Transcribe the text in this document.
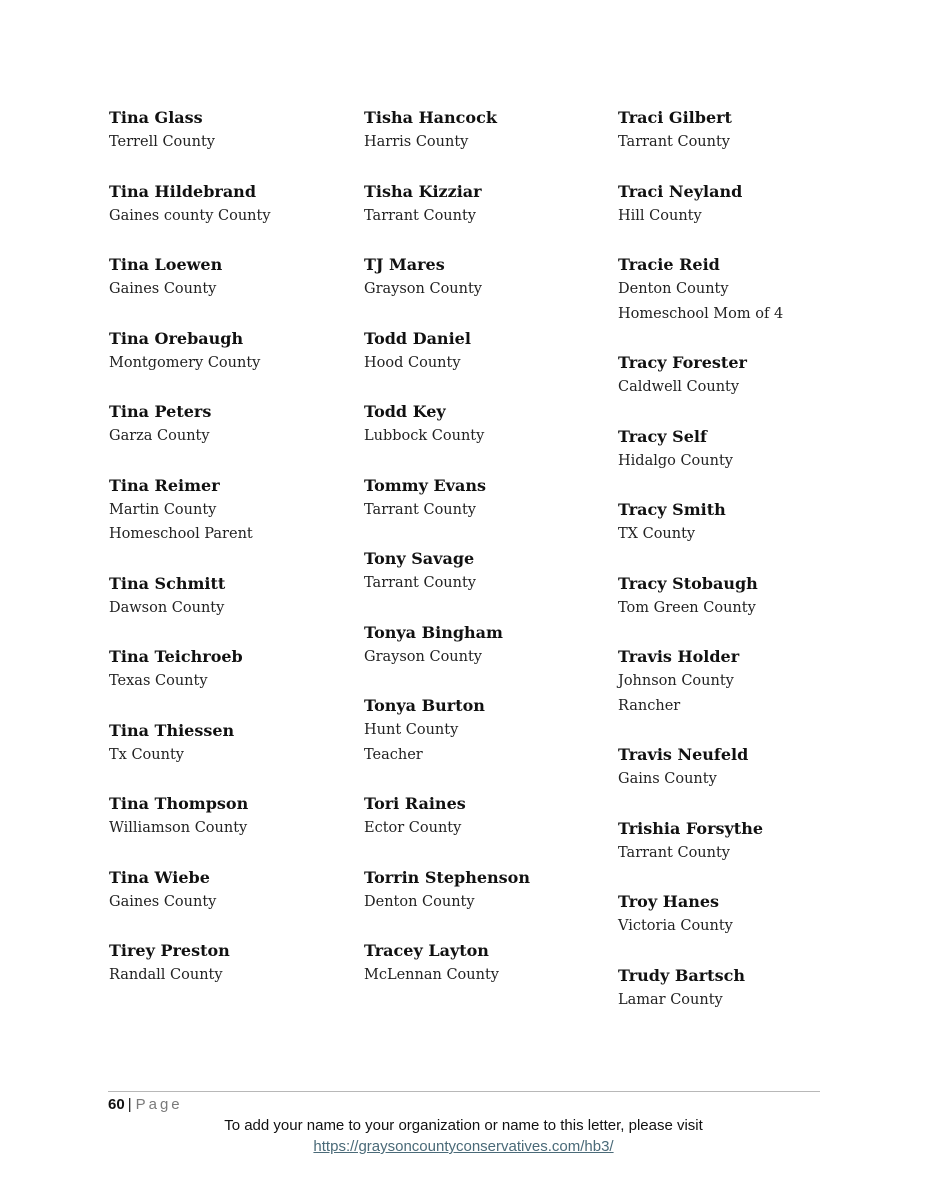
Tina Glass
Terrell County
Tina Hildebrand
Gaines county County
Tina Loewen
Gaines County
Tina Orebaugh
Montgomery County
Tina Peters
Garza County
Tina Reimer
Martin County
Homeschool Parent
Tina Schmitt
Dawson County
Tina Teichroeb
Texas County
Tina Thiessen
Tx County
Tina Thompson
Williamson County
Tina Wiebe
Gaines County
Tirey Preston
Randall County
Tisha Hancock
Harris County
Tisha Kizziar
Tarrant County
TJ Mares
Grayson County
Todd Daniel
Hood County
Todd Key
Lubbock County
Tommy Evans
Tarrant County
Tony Savage
Tarrant County
Tonya Bingham
Grayson County
Tonya Burton
Hunt County
Teacher
Tori Raines
Ector County
Torrin Stephenson
Denton County
Tracey Layton
McLennan County
Traci Gilbert
Tarrant County
Traci Neyland
Hill County
Tracie Reid
Denton County
Homeschool Mom of 4
Tracy Forester
Caldwell County
Tracy Self
Hidalgo County
Tracy Smith
TX County
Tracy Stobaugh
Tom Green County
Travis Holder
Johnson County
Rancher
Travis Neufeld
Gains County
Trishia Forsythe
Tarrant County
Troy Hanes
Victoria County
Trudy Bartsch
Lamar County
60 | Page
To add your name to your organization or name to this letter, please visit
https://graysoncountyconservatives.com/hb3/
